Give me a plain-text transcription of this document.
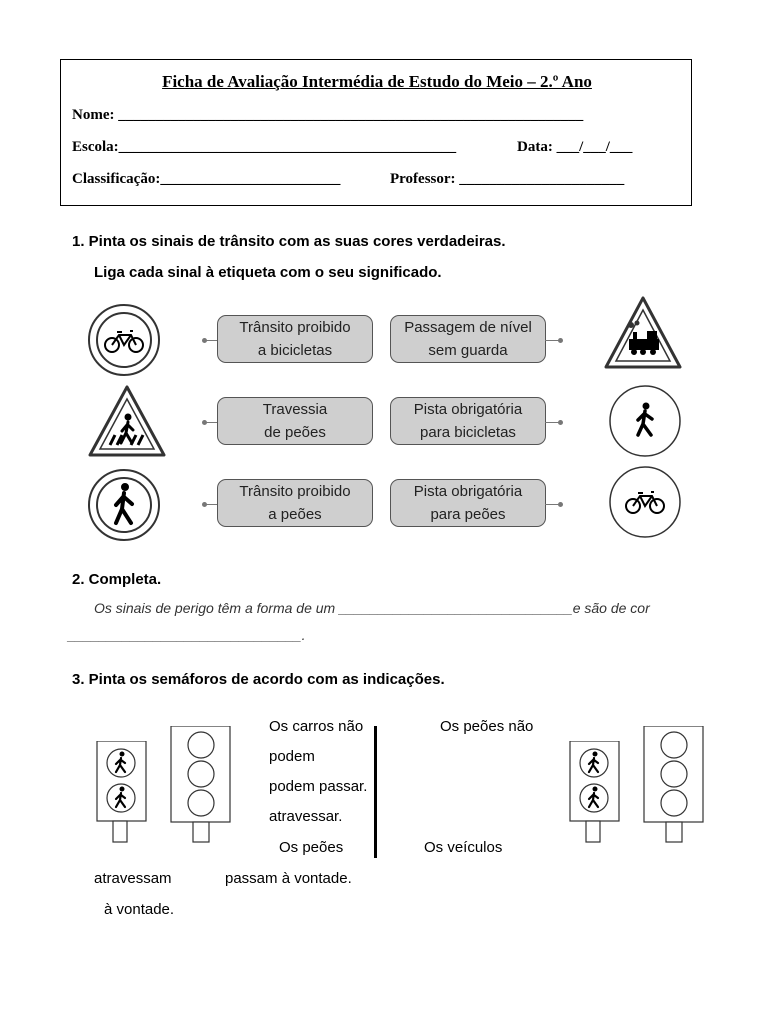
Ficha de Avaliação Intermédia de Estudo do Meio – 2.º Ano
Nome: ______________________________________________________________
Escola:_____________________________________________	Data: ___/___/___
Classificação:________________________	Professor: ______________________
1. Pinta os sinais de trânsito com as suas cores verdadeiras.
Liga cada sinal à etiqueta com o seu significado.
Trânsito proibido
a bicicletas
Passagem de nível
sem guarda
Travessia
de peões
Pista obrigatória
para bicicletas
Trânsito proibido
a peões
Pista obrigatória
para peões
2. Completa.
Os sinais de perigo têm a forma de um ______________________________e são de cor
______________________________.
3. Pinta os semáforos de acordo com as indicações.
Os carros não
podem
podem passar.
atravessar.
Os peões
Os peões não
Os veículos
atravessam	passam à vontade.
à vontade.
